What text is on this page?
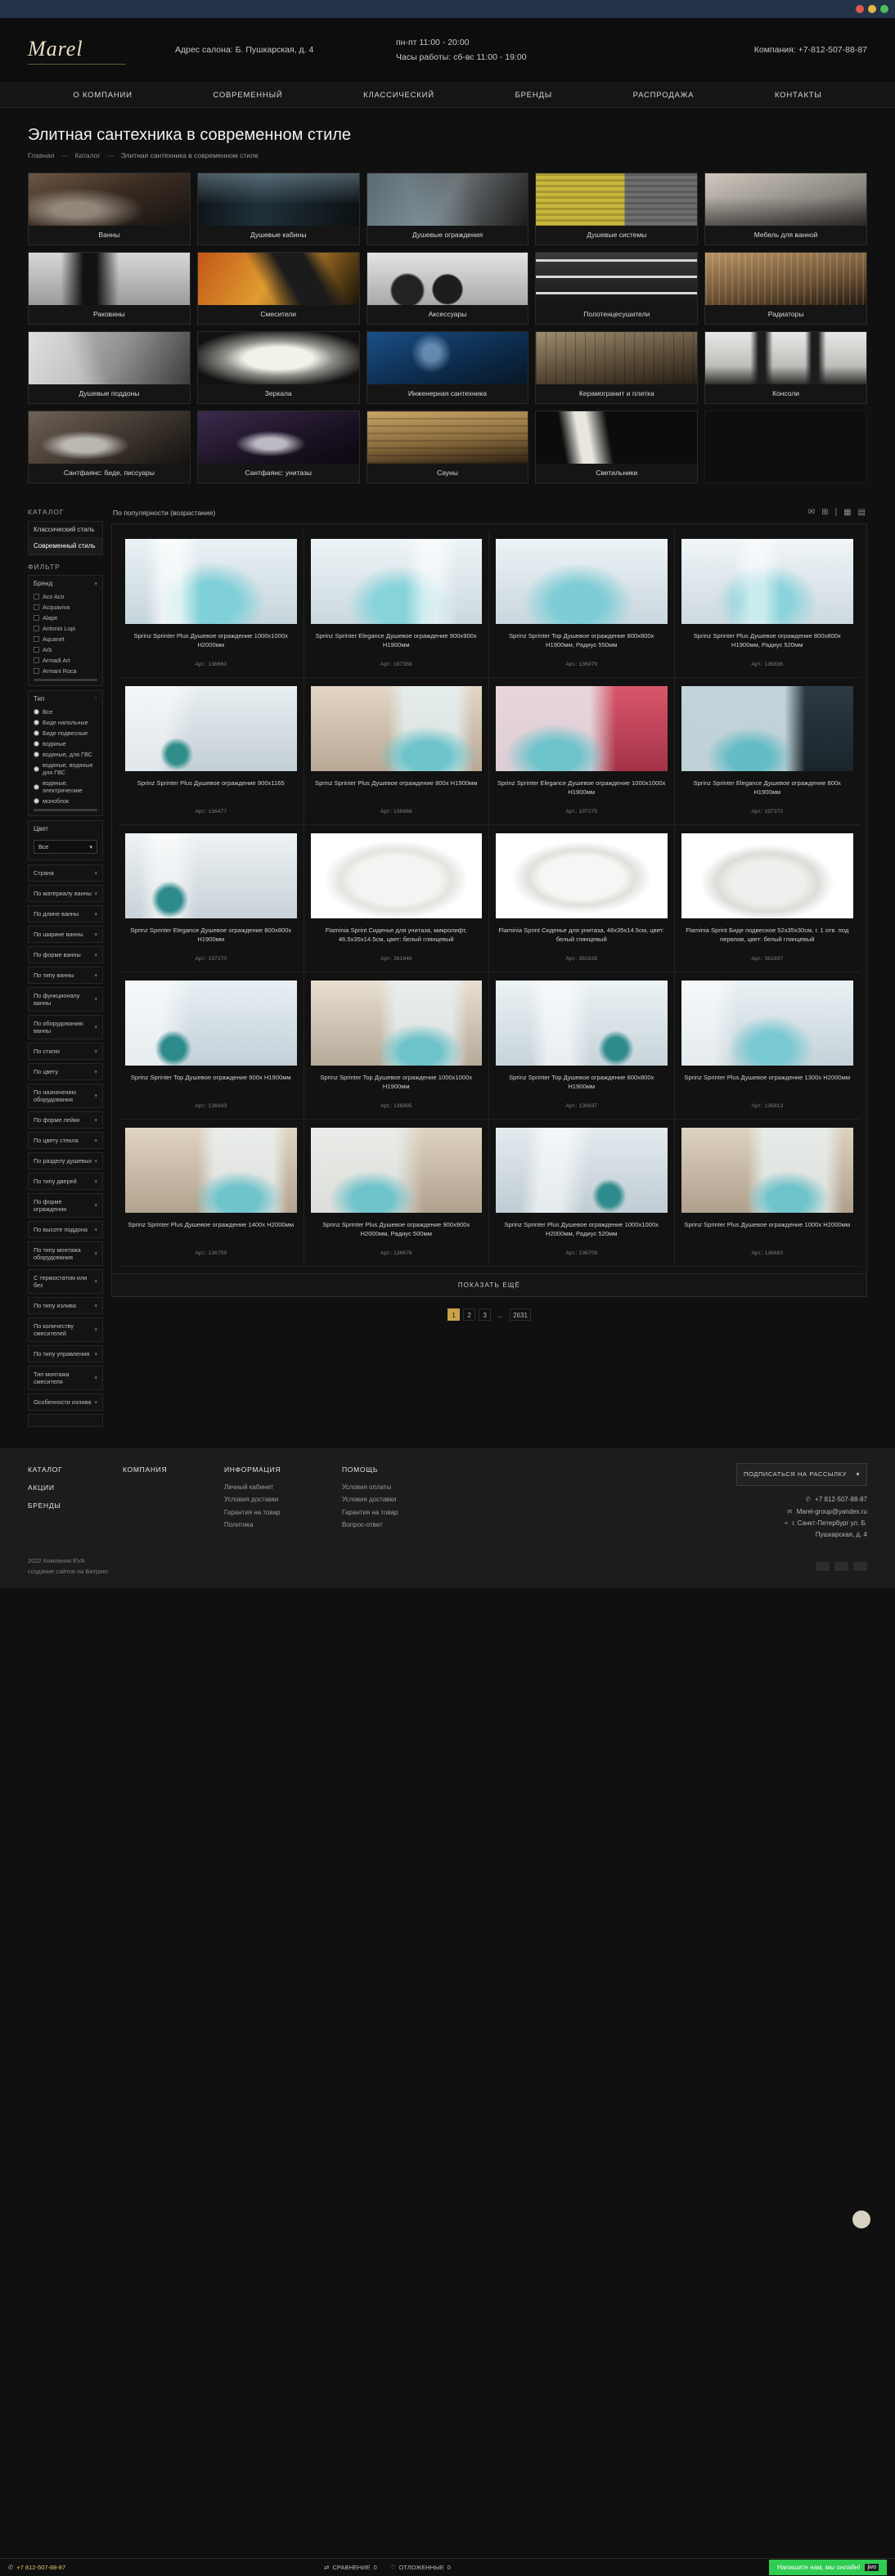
Marel	Адрес салона: Б. Пушкарская, д. 4
пн-пт 11:00 - 20:00
Часы работы: сб-вс 11:00 - 19:00
Компания: +7-812-507-88-87
О КОМПАНИИ	СОВРЕМЕННЫЙ	КЛАССИЧЕСКИЙ	БРЕНДЫ	РАСПРОДАЖА	КОНТАКТЫ
Элитная сантехника в современном стиле
Главная — Каталог — Элитная сантехника в современном стиле
Ванны	Душевые кабины	Душевые ограждения	Душевые системы	Мебель для ванной
Раковины	Смесители	Аксессуары	Полотенцесушители	Радиаторы
Душевые поддоны	Зеркала	Инженерная сантехника	Керамогранит и плитка	Консоли
Сантфаянс: биде, писсуары	Сантфаянс: унитазы	Сауны	Светильники
КАТАЛОГ
Классический стиль
Современный стиль
ФИЛЬТР
Бренд	▾
Aco Aco
Acquaviva
Alape
Antonio Lupi
Aquanet
Arb
Armadi Art
Armani Roca
Тип	○
Все
Биде напольные
Биде подвесные
водяные
водяные, для ГВС
водяные, водяные для ГВС
водяные, электрические
моноблок
Цвет
Все	▾
Страна	▾
По материалу ванны ▾
По длине ванны	▾
По ширине ванны ▾
По форме ванны ▾
По типу ванны	▾
По функционалу ванны	▾
По оборудованию ванны	▾
По стилю	▾
По цвету	▾
По назначению оборудования	▾
По форме лейки	▾
По цвету стекла	▾
По разделу душевых ▾
По типу дверей	▾
По форме ограждения	▾
По высоте поддона ▾
По типу монтажа оборудования	▾
С термостатом или без	▾
По типу излива	▾
По количеству смесителей	▾
По типу управления ▾
Тип монтажа смесителя	▾
Особенности излива ▾
По популярности (возрастание)	✉ ⊞ | ▦ ▤
Sprinz Sprinter Plus Душевое ограждение 1000х1000х Н2000мм
Арт.: 136663
Sprinz Sprinter Elegance Душевое ограждение 900х900х Н1900мм
Арт.: 197358
Sprinz Sprinter Top Душевое ограждение 800х800х Н1900мм, Радиус 550мм
Арт.: 136879
Sprinz Sprinter Plus Душевое ограждение 800х800х Н1900мм, Радиус 520мм
Арт.: 136836
Sprinz Sprinter Plus Душевое ограждение 900х1165
Арт.: 136477
Sprinz Sprinter Plus Душевое ограждение 800х Н1900мм
Арт.: 136666
Sprinz Sprinter Elegance Душевое ограждение 1000х1000х Н1900мм
Арт.: 197275
Sprinz Sprinter Elegance Душевое ограждение 800х Н1900мм
Арт.: 197372
Sprinz Sprinter Elegance Душевое ограждение 800х800х Н1900мм
Арт.: 197270
Flaminia Sprint Сиденье для унитаза, микролифт, 46.5х35х14.5см, цвет: белый глянцевый
Арт.: 361846
Flaminia Sprint Сиденье для унитаза, 48х35х14.5см, цвет: белый глянцевый
Арт.: 361838
Flaminia Sprint Биде подвесное 52х35х30см, г. 1 отв. под перелив, цвет: белый глянцевый
Арт.: 361937
Sprinz Sprinter Top Душевое ограждение 900х Н1900мм
Арт.: 136843
Sprinz Sprinter Top Душевое ограждение 1000х1000х Н1900мм
Арт.: 136895
Sprinz Sprinter Top Душевое ограждение 800х800х Н1900мм
Арт.: 136837
Sprinz Sprinter Plus Душевое ограждение 1300х Н2000мм
Арт.: 136813
Sprinz Sprinter Plus Душевое ограждение 1400х Н2000мм
Арт.: 136759
Sprinz Sprinter Plus Душевое ограждение 900х900х Н2000мм, Радиус 500мм
Арт.: 136676
Sprinz Sprinter Plus Душевое ограждение 1000х1000х Н2000мм, Радиус 520мм
Арт.: 136709
Sprinz Sprinter Plus Душевое ограждение 1000х Н2000мм
Арт.: 136683
ПОКАЗАТЬ ЕЩЁ
1	2	3	...	2631
КАТАЛОГ
АКЦИИ
БРЕНДЫ
КОМПАНИЯ	ИНФОРМАЦИЯ
Личный кабинет
Условия доставки
Гарантия на товар
Политика
ПОМОЩЬ
Условия оплаты
Условия доставки
Гарантия на товар
Вопрос-ответ
ПОДПИСАТЬСЯ НА РАССЫЛКУ ▾
✆ +7 812-507-88-87
✉ Marel-group@yandex.ru
⌖ г. Санкт-Петербург ул. Б.
Пушкарская, д. 4
2022 Компания EVA
создание сайтов на Битрикс
✆ +7 812-507-88-87	⇄ СРАВНЕНИЕ 0 ♡ ОТЛОЖЕННЫЕ 0	Напишите нам, мы онлайн!	jivo
